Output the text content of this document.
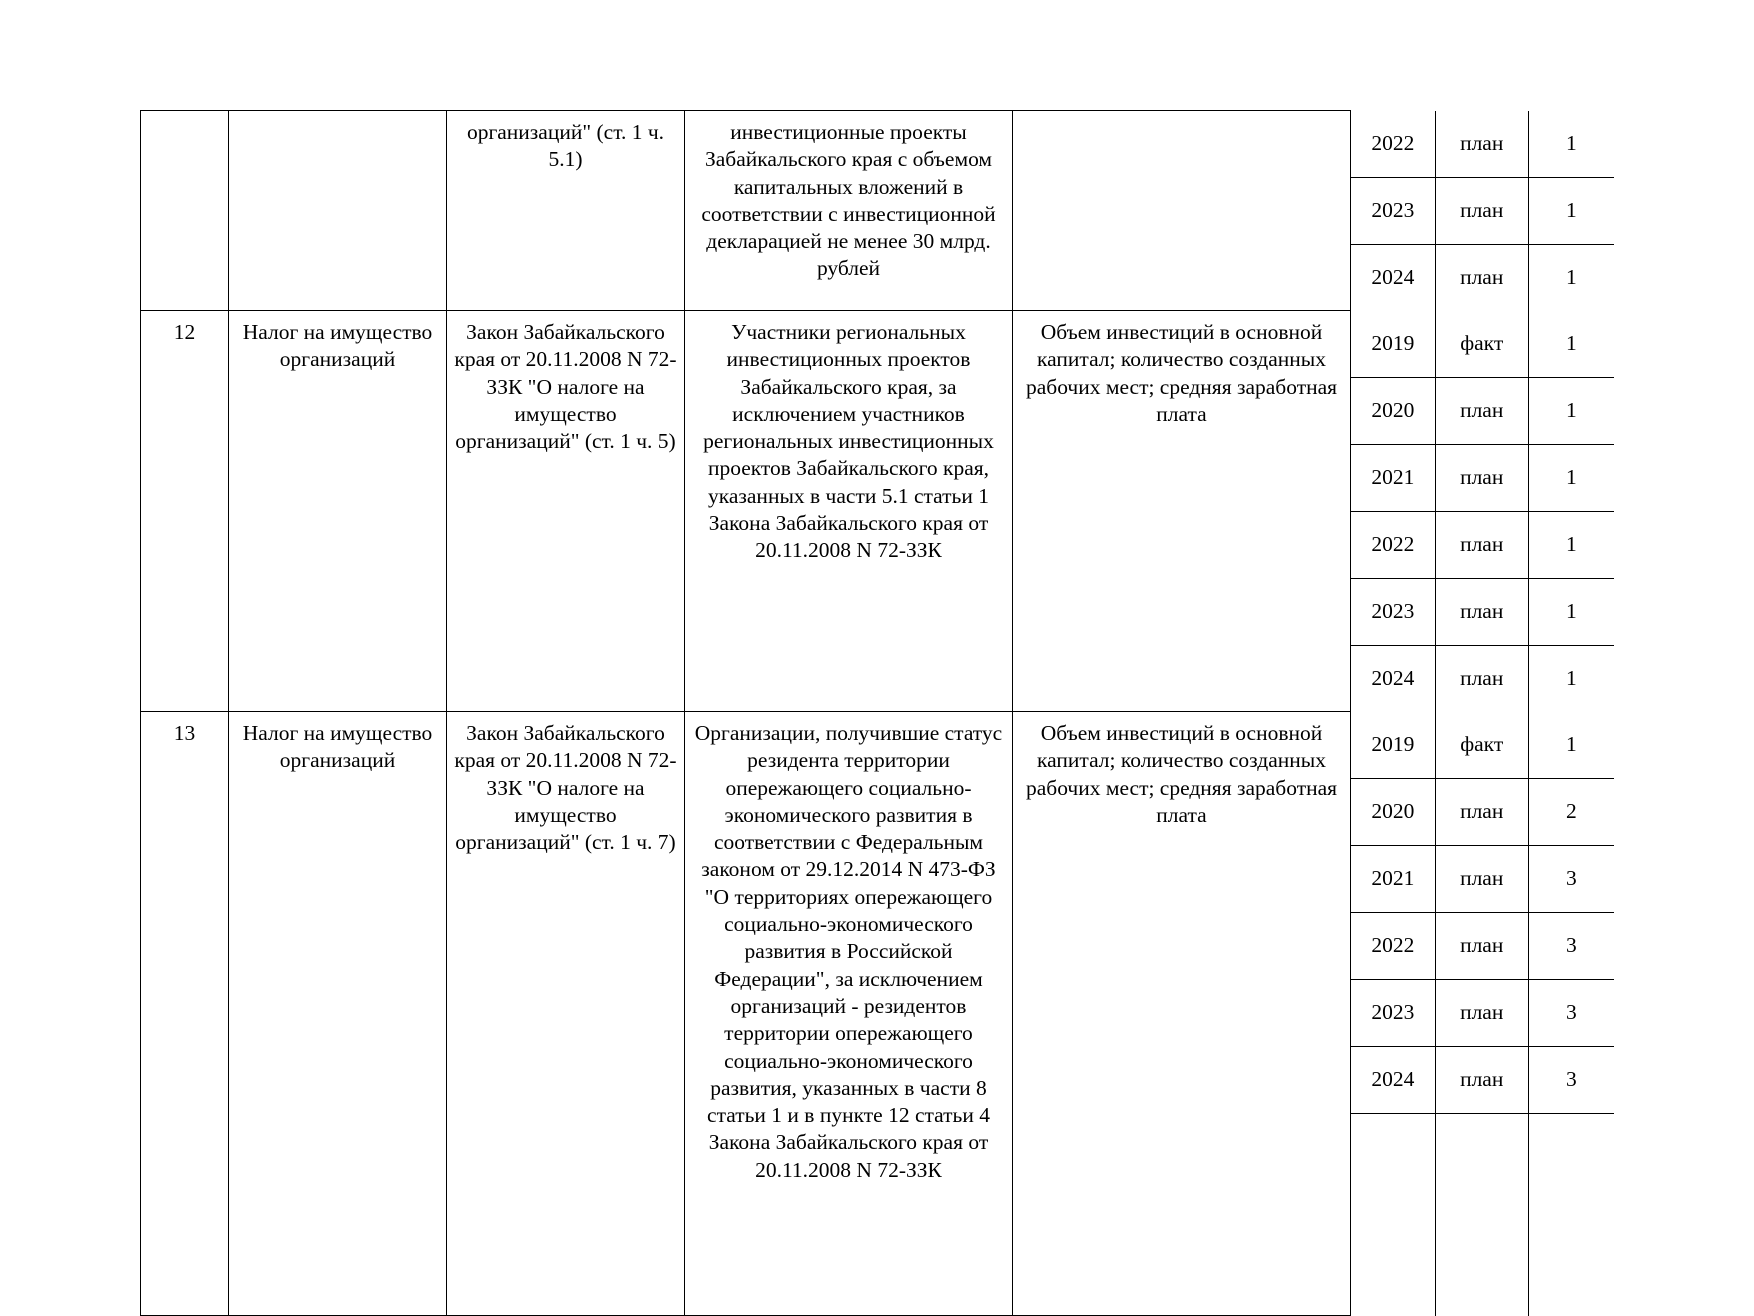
		организаций" (ст. 1 ч. 5.1)	инвестиционные проекты Забайкальского края с объемом капитальных вложений в соответствии с инвестиционной декларацией не менее 30 млрд. рублей		
2022	план	1
2023	план	1
2024	план	1

12	Налог на имущество организаций	Закон Забайкальского края от 20.11.2008 N 72-ЗЗК "О налоге на имущество организаций" (ст. 1 ч. 5)	Участники региональных инвестиционных проектов Забайкальского края, за исключением участников региональных инвестиционных проектов Забайкальского края, указанных в части 5.1 статьи 1 Закона Забайкальского края от 20.11.2008 N 72-ЗЗК	Объем инвестиций в основной капитал; количество созданных рабочих мест; средняя заработная плата	
2019	факт	1
2020	план	1
2021	план	1
2022	план	1
2023	план	1
2024	план	1

13	Налог на имущество организаций	Закон Забайкальского края от 20.11.2008 N 72-ЗЗК "О налоге на имущество организаций" (ст. 1 ч. 7)	Организации, получившие статус резидента территории опережающего социально-экономического развития в соответствии с Федеральным законом от 29.12.2014 N 473-ФЗ "О территориях опережающего социально-экономического развития в Российской Федерации", за исключением организаций - резидентов территории опережающего социально-экономического развития, указанных в части 8 статьи 1 и в пункте 12 статьи 4 Закона Забайкальского края от 20.11.2008 N 72-ЗЗК	Объем инвестиций в основной капитал; количество созданных рабочих мест; средняя заработная плата	
2019	факт	1
2020	план	2
2021	план	3
2022	план	3
2023	план	3
2024	план	3
